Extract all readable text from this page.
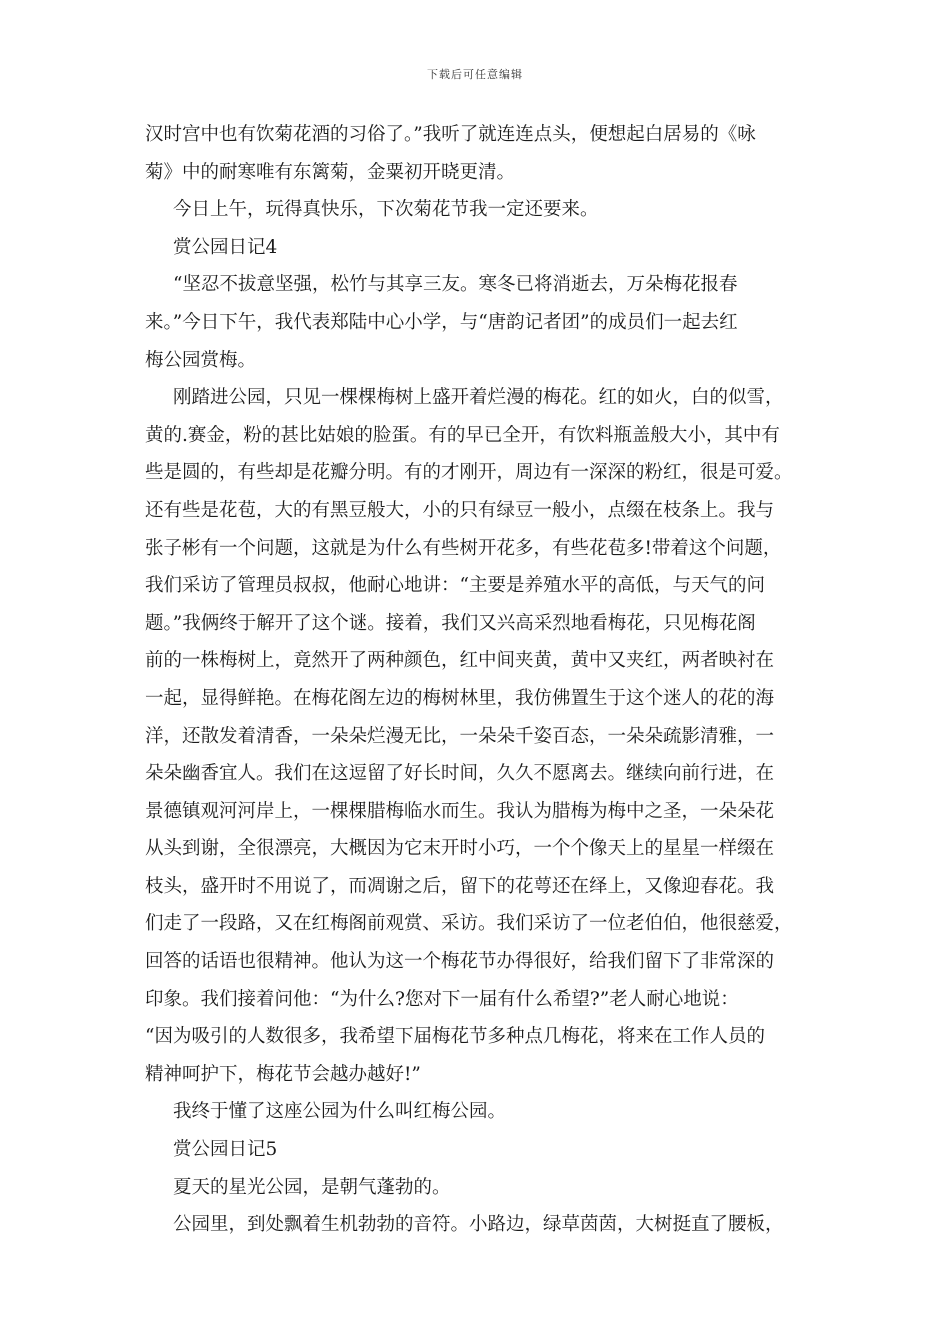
下载后可任意编辑
汉时宫中也有饮菊花酒的习俗了。”我听了就连连点头，便想起白居易的《咏
菊》中的耐寒唯有东篱菊，金粟初开晓更清。
今日上午，玩得真快乐，下次菊花节我一定还要来。
赏公园日记4
“坚忍不拔意坚强，松竹与其享三友。寒冬已将消逝去，万朵梅花报春
来。”今日下午，我代表郑陆中心小学，与“唐韵记者团”的成员们一起去红
梅公园赏梅。
刚踏进公园，只见一棵棵梅树上盛开着烂漫的梅花。红的如火，白的似雪，
黄的.赛金，粉的甚比姑娘的脸蛋。有的早已全开，有饮料瓶盖般大小，其中有
些是圆的，有些却是花瓣分明。有的才刚开，周边有一深深的粉红，很是可爱。
还有些是花苞，大的有黑豆般大，小的只有绿豆一般小，点缀在枝条上。我与
张子彬有一个问题，这就是为什么有些树开花多，有些花苞多!带着这个问题，
我们采访了管理员叔叔，他耐心地讲：“主要是养殖水平的高低，与天气的问
题。”我俩终于解开了这个谜。接着，我们又兴高采烈地看梅花，只见梅花阁
前的一株梅树上，竟然开了两种颜色，红中间夹黄，黄中又夹红，两者映衬在
一起，显得鲜艳。在梅花阁左边的梅树林里，我仿佛置生于这个迷人的花的海
洋，还散发着清香，一朵朵烂漫无比，一朵朵千姿百态，一朵朵疏影清雅，一
朵朵幽香宜人。我们在这逗留了好长时间，久久不愿离去。继续向前行进，在
景德镇观河河岸上，一棵棵腊梅临水而生。我认为腊梅为梅中之圣，一朵朵花
从头到谢，全很漂亮，大概因为它末开时小巧，一个个像天上的星星一样缀在
枝头，盛开时不用说了，而凋谢之后，留下的花萼还在绎上，又像迎春花。我
们走了一段路，又在红梅阁前观赏、采访。我们采访了一位老伯伯，他很慈爱，
回答的话语也很精神。他认为这一个梅花节办得很好，给我们留下了非常深的
印象。我们接着问他：“为什么?您对下一届有什么希望?”老人耐心地说：
“因为吸引的人数很多，我希望下届梅花节多种点几梅花，将来在工作人员的
精神呵护下，梅花节会越办越好!”
我终于懂了这座公园为什么叫红梅公园。
赏公园日记5
夏天的星光公园，是朝气蓬勃的。
公园里，到处飘着生机勃勃的音符。小路边，绿草茵茵，大树挺直了腰板，
